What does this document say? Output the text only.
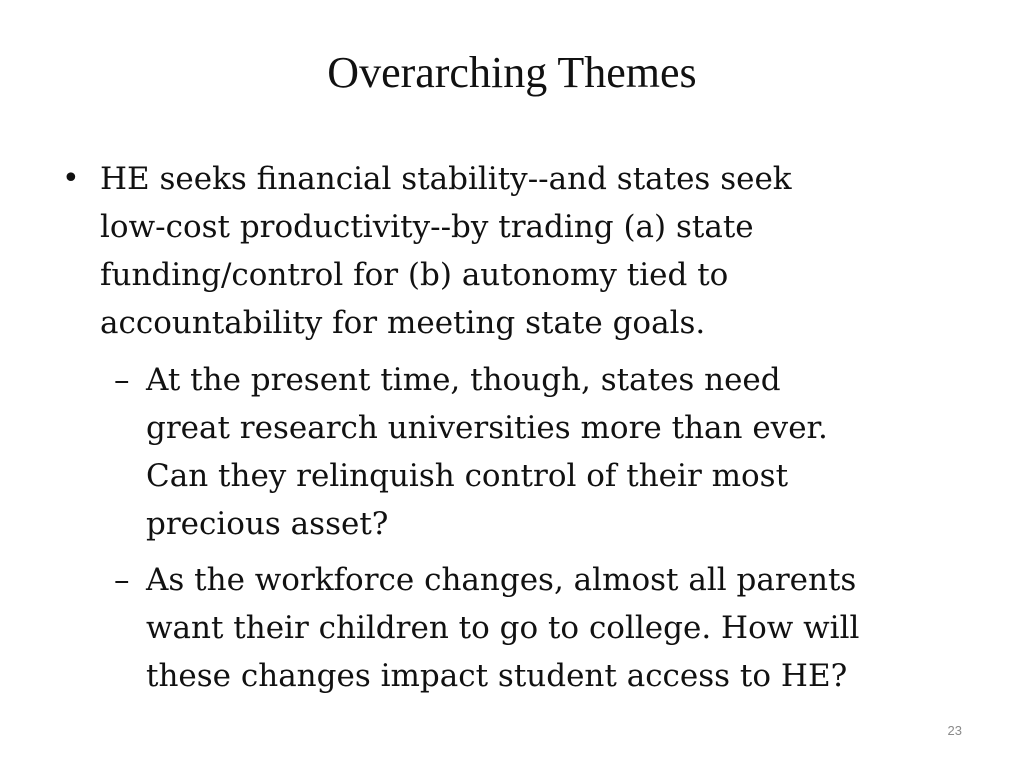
Overarching Themes
• HE seeks financial stability--and states seek
low-cost productivity--by trading (a) state
funding/control for (b) autonomy tied to
accountability for meeting state goals.
– At the present time, though, states need
great research universities more than ever.
Can they relinquish control of their most
precious asset?
– As the workforce changes, almost all parents
want their children to go to college. How will
these changes impact student access to HE?
23
